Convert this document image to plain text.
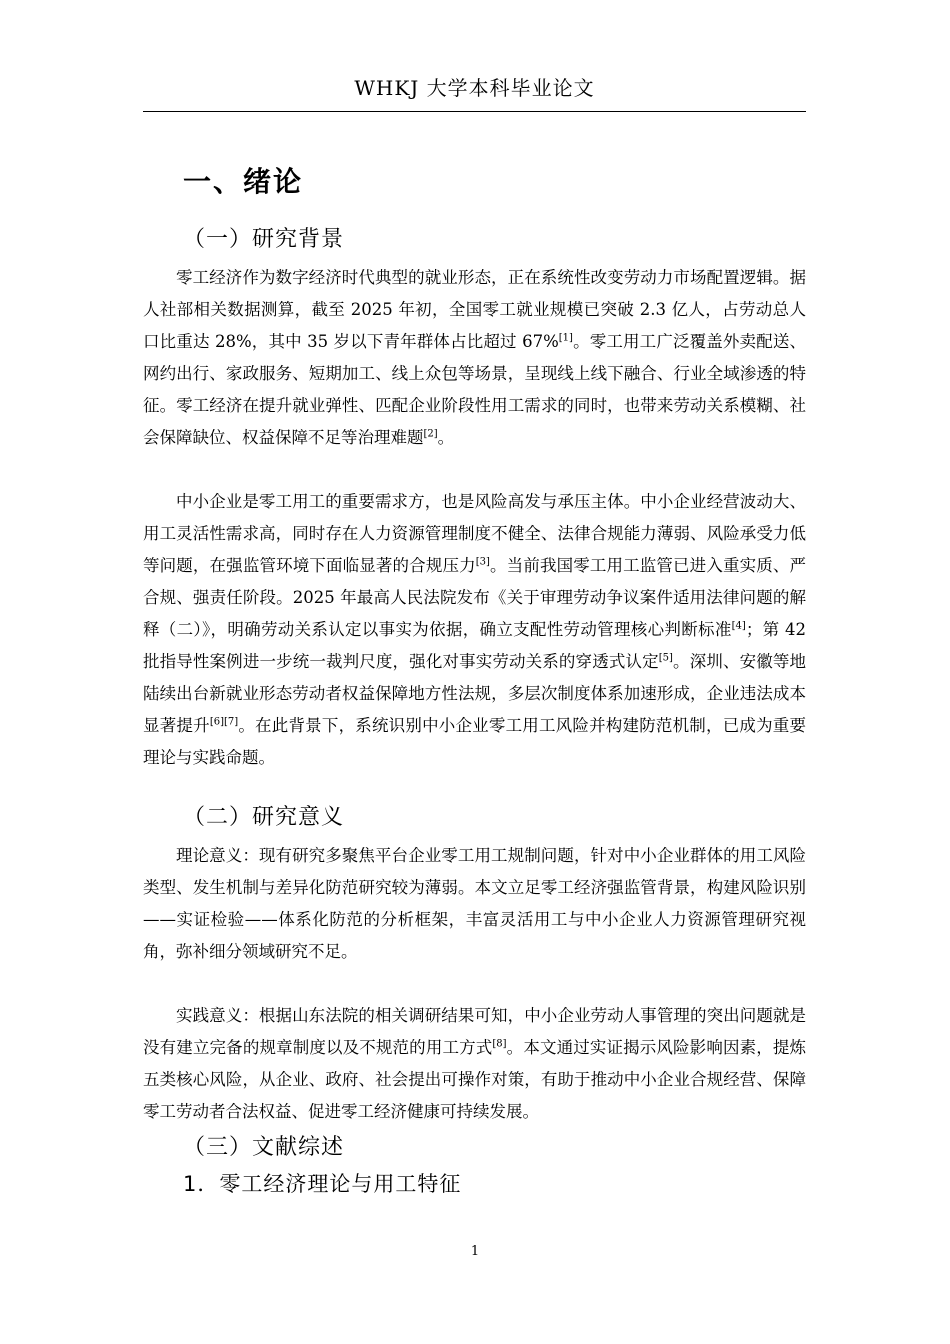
WHKJ 大学本科毕业论文
一、绪论
（一）研究背景
零工经济作为数字经济时代典型的就业形态，正在系统性改变劳动力市场配置逻辑。据人社部相关数据测算，截至 2025 年初，全国零工就业规模已突破 2.3 亿人，占劳动总人口比重达 28%，其中 35 岁以下青年群体占比超过 67%[1]。零工用工广泛覆盖外卖配送、网约出行、家政服务、短期加工、线上众包等场景，呈现线上线下融合、行业全域渗透的特征。零工经济在提升就业弹性、匹配企业阶段性用工需求的同时，也带来劳动关系模糊、社会保障缺位、权益保障不足等治理难题[2]。
中小企业是零工用工的重要需求方，也是风险高发与承压主体。中小企业经营波动大、用工灵活性需求高，同时存在人力资源管理制度不健全、法律合规能力薄弱、风险承受力低等问题，在强监管环境下面临显著的合规压力[3]。当前我国零工用工监管已进入重实质、严合规、强责任阶段。2025 年最高人民法院发布《关于审理劳动争议案件适用法律问题的解释（二）》，明确劳动关系认定以事实为依据，确立支配性劳动管理核心判断标准[4]；第 42 批指导性案例进一步统一裁判尺度，强化对事实劳动关系的穿透式认定[5]。深圳、安徽等地陆续出台新就业形态劳动者权益保障地方性法规，多层次制度体系加速形成，企业违法成本显著提升[6][7]。在此背景下，系统识别中小企业零工用工风险并构建防范机制，已成为重要理论与实践命题。
（二）研究意义
理论意义：现有研究多聚焦平台企业零工用工规制问题，针对中小企业群体的用工风险类型、发生机制与差异化防范研究较为薄弱。本文立足零工经济强监管背景，构建风险识别——实证检验——体系化防范的分析框架，丰富灵活用工与中小企业人力资源管理研究视角，弥补细分领域研究不足。
实践意义：根据山东法院的相关调研结果可知，中小企业劳动人事管理的突出问题就是没有建立完备的规章制度以及不规范的用工方式[8]。本文通过实证揭示风险影响因素，提炼五类核心风险，从企业、政府、社会提出可操作对策，有助于推动中小企业合规经营、保障零工劳动者合法权益、促进零工经济健康可持续发展。
（三）文献综述
1．零工经济理论与用工特征
1
